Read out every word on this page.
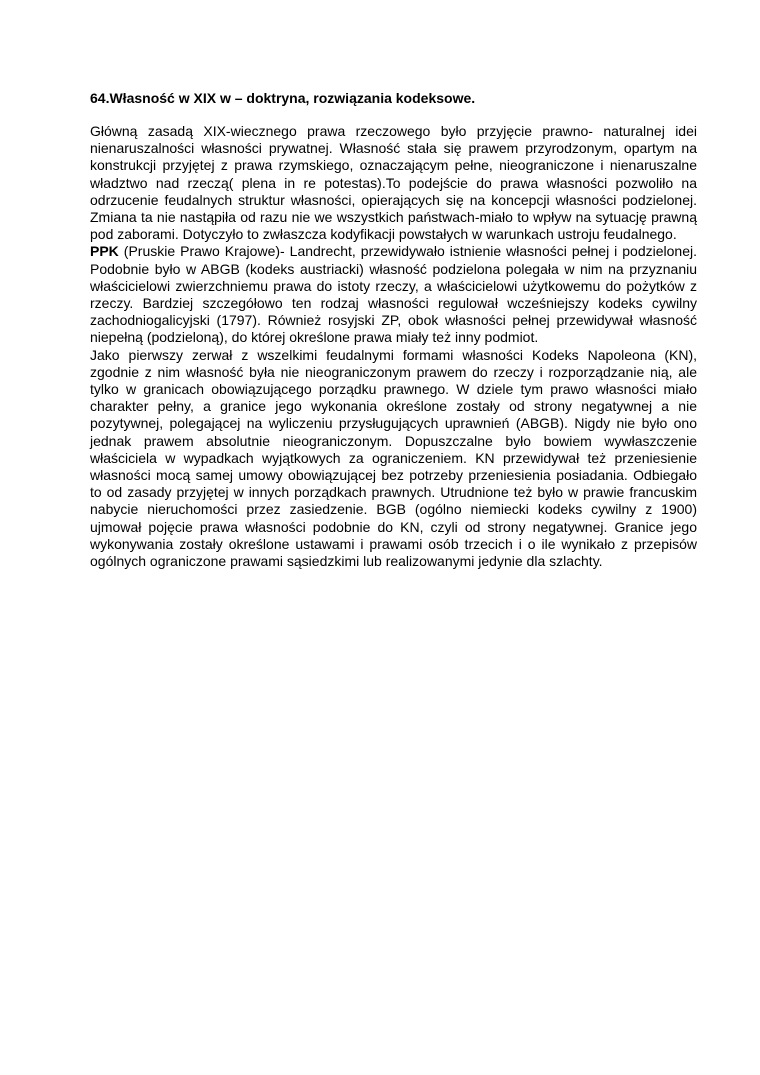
64.Własność w XIX w – doktryna, rozwiązania kodeksowe.

Główną zasadą XIX-wiecznego prawa rzeczowego było przyjęcie prawno- naturalnej idei nienaruszalności własności prywatnej. Własność stała się prawem przyrodzonym, opartym na konstrukcji przyjętej z prawa rzymskiego, oznaczającym pełne, nieograniczone i nienaruszalne władztwo nad rzeczą( plena in re potestas).To podejście do prawa własności pozwoliło na odrzucenie feudalnych struktur własności, opierających się na koncepcji własności podzielonej. Zmiana ta nie nastąpiła od razu nie we wszystkich państwach-miało to wpływ na sytuację prawną pod zaborami. Dotyczyło to zwłaszcza kodyfikacji powstałych w warunkach ustroju feudalnego.

PPK (Pruskie Prawo Krajowe)- Landrecht, przewidywało istnienie własności pełnej i podzielonej. Podobnie było w ABGB (kodeks austriacki) własność podzielona polegała w nim na przyznaniu właścicielowi zwierzchniemu prawa do istoty rzeczy, a właścicielowi użytkowemu do pożytków z rzeczy. Bardziej szczegółowo ten rodzaj własności regulował wcześniejszy kodeks cywilny zachodniogalicyjski (1797). Również rosyjski ZP, obok własności pełnej przewidywał własność niepełną (podzieloną), do której określone prawa miały też inny podmiot.

Jako pierwszy zerwał z wszelkimi feudalnymi formami własności Kodeks Napoleona (KN), zgodnie z nim własność była nie nieograniczonym prawem do rzeczy i rozporządzanie nią, ale tylko w granicach obowiązującego porządku prawnego. W dziele tym prawo własności miało charakter pełny, a granice jego wykonania określone zostały od strony negatywnej a nie pozytywnej, polegającej na wyliczeniu przysługujących uprawnień (ABGB). Nigdy nie było ono jednak prawem absolutnie nieograniczonym. Dopuszczalne było bowiem wywłaszczenie właściciela w wypadkach wyjątkowych za ograniczeniem. KN przewidywał też przeniesienie własności mocą samej umowy obowiązującej bez potrzeby przeniesienia posiadania. Odbiegało to od zasady przyjętej w innych porządkach prawnych. Utrudnione też było w prawie francuskim nabycie nieruchomości przez zasiedzenie. BGB (ogólno niemiecki kodeks cywilny z 1900) ujmował pojęcie prawa własności podobnie do KN, czyli od strony negatywnej. Granice jego wykonywania zostały określone ustawami i prawami osób trzecich i o ile wynikało z przepisów ogólnych ograniczone prawami sąsiedzkimi lub realizowanymi jedynie dla szlachty.
